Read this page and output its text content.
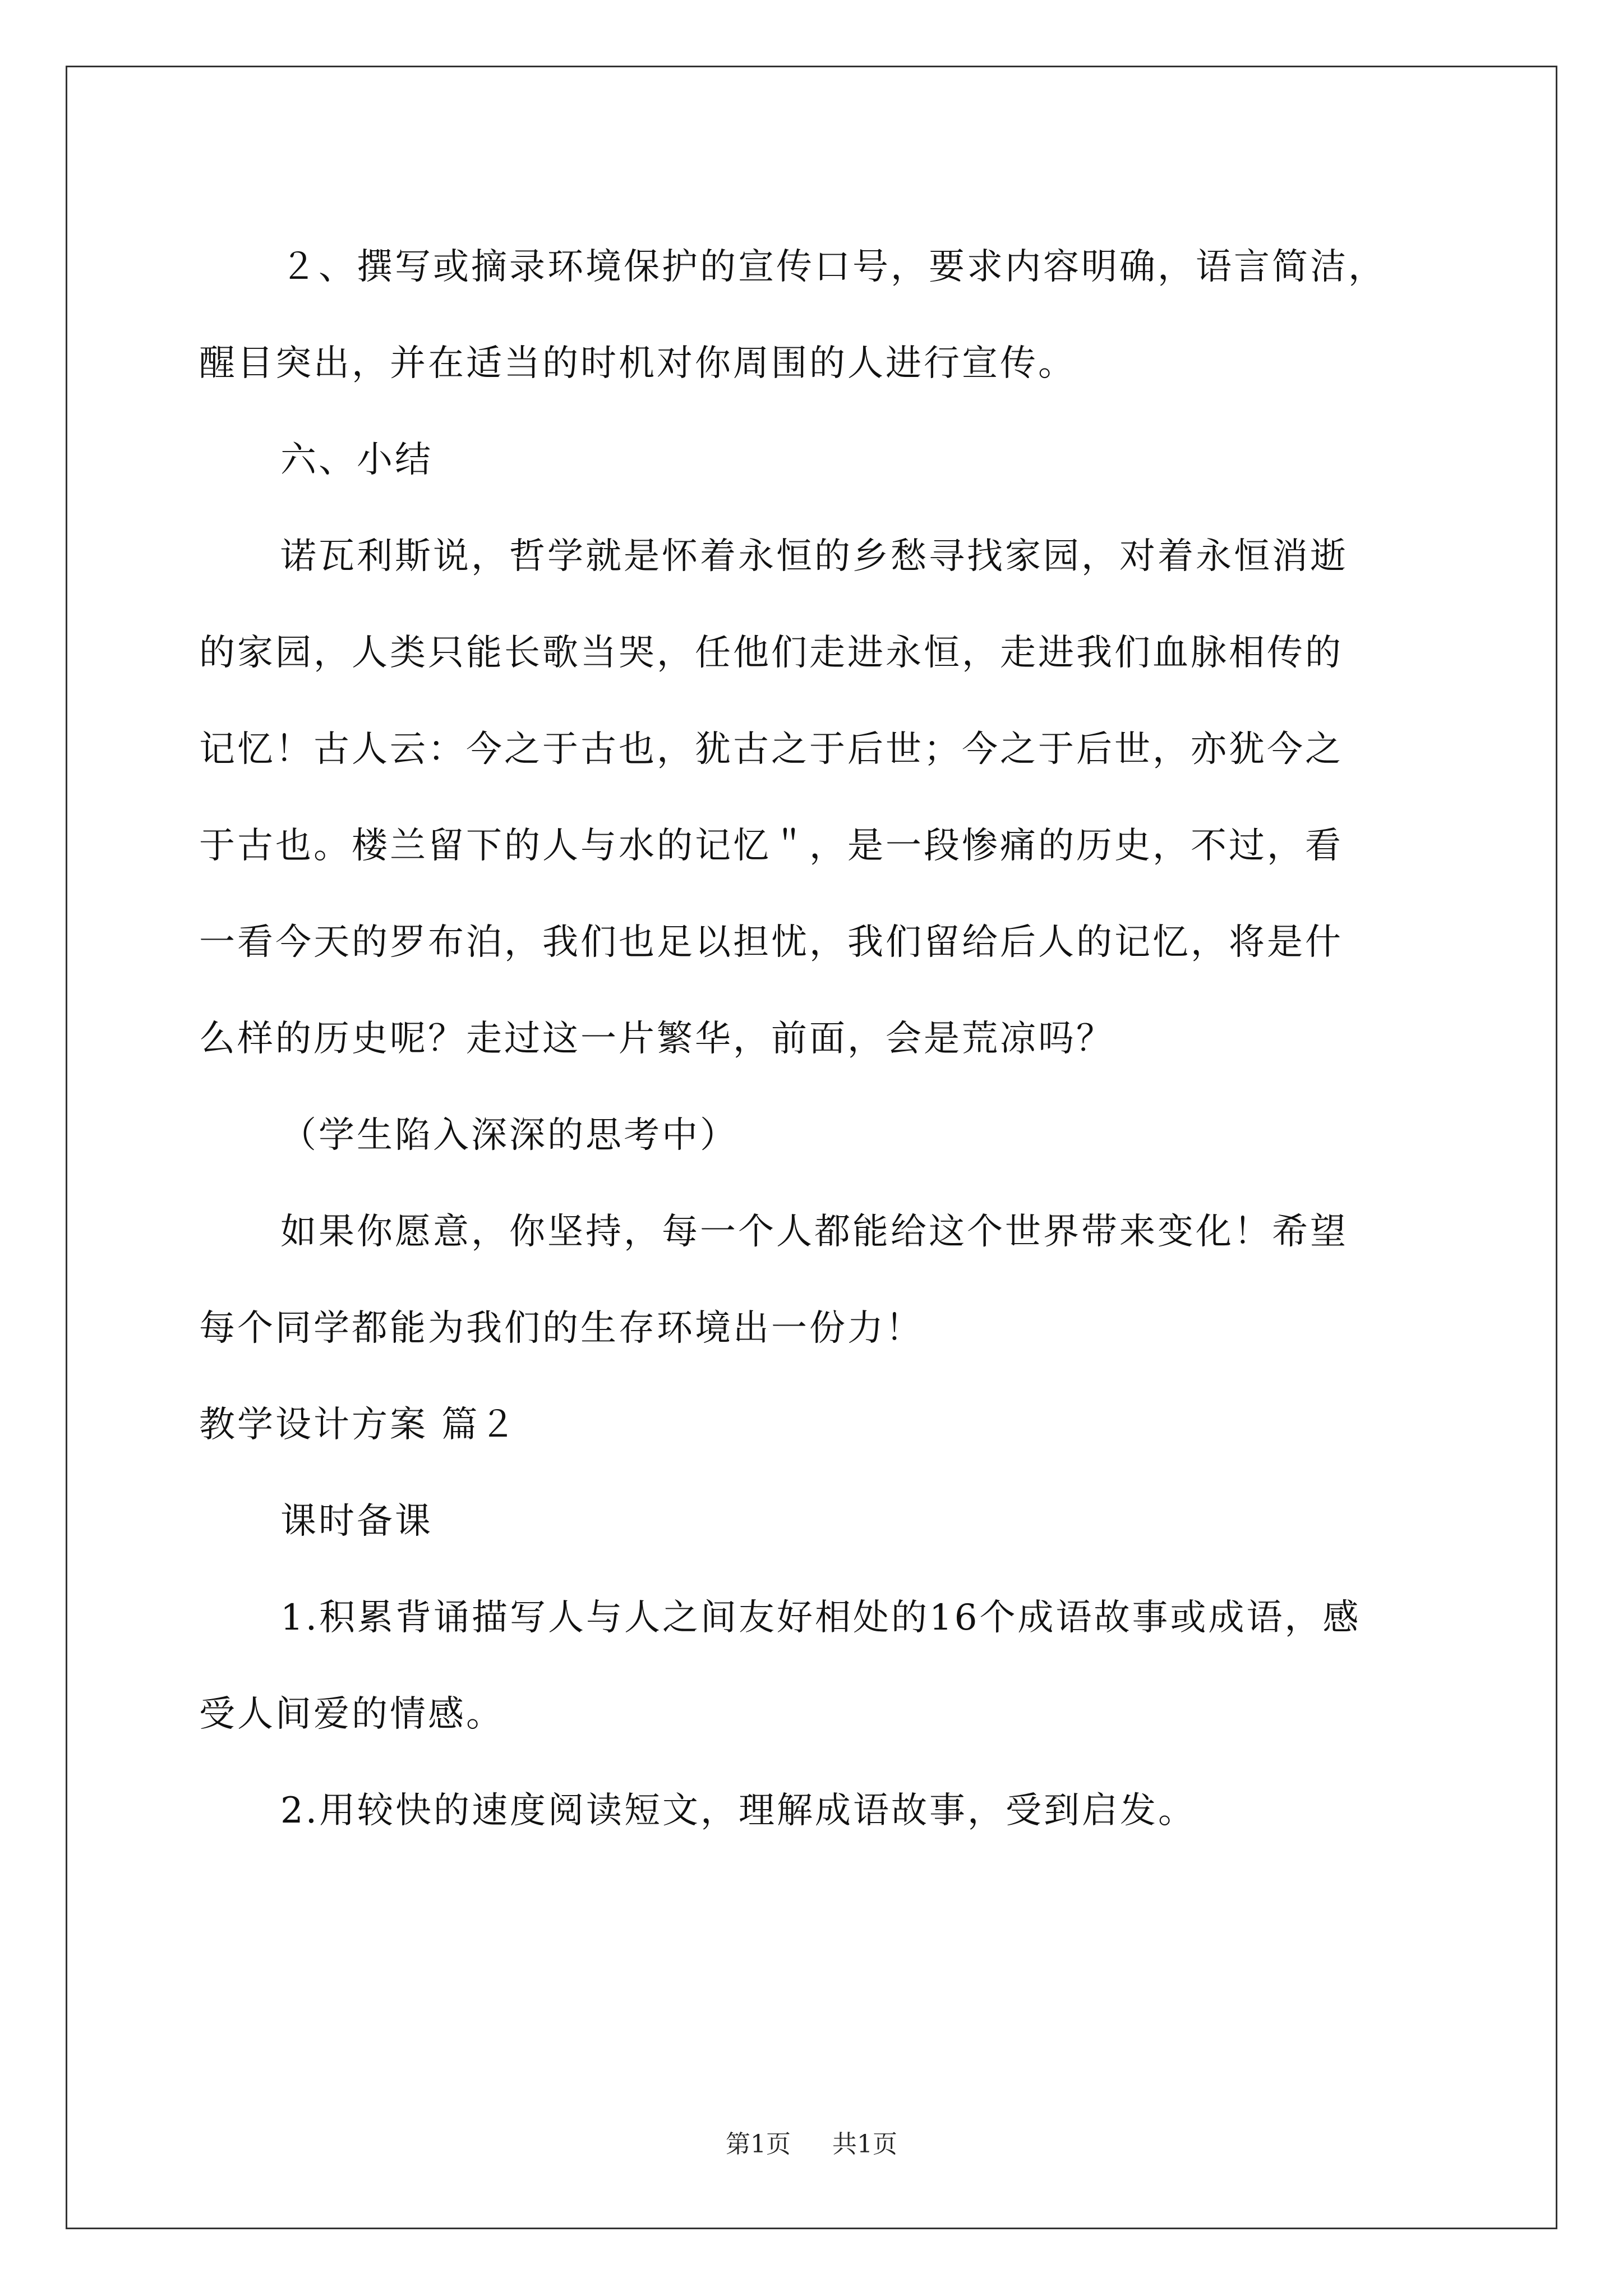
２、撰写或摘录环境保护的宣传口号，要求内容明确，语言简洁，
醒目突出，并在适当的时机对你周围的人进行宣传。
六、小结
诺瓦利斯说，哲学就是怀着永恒的乡愁寻找家园，对着永恒消逝
的家园，人类只能长歌当哭，任他们走进永恒，走进我们血脉相传的
记忆！古人云：今之于古也，犹古之于后世；今之于后世，亦犹今之
于古也。楼兰留下的人与水的记忆＂，是一段惨痛的历史，不过，看
一看今天的罗布泊，我们也足以担忧，我们留给后人的记忆，将是什
么样的历史呢？走过这一片繁华，前面，会是荒凉吗？
（学生陷入深深的思考中）
如果你愿意，你坚持，每一个人都能给这个世界带来变化！希望
每个同学都能为我们的生存环境出一份力！
教学设计方案 篇２
课时备课
1.积累背诵描写人与人之间友好相处的16个成语故事或成语，感
受人间爱的情感。
2.用较快的速度阅读短文，理解成语故事，受到启发。
第1页 共1页
